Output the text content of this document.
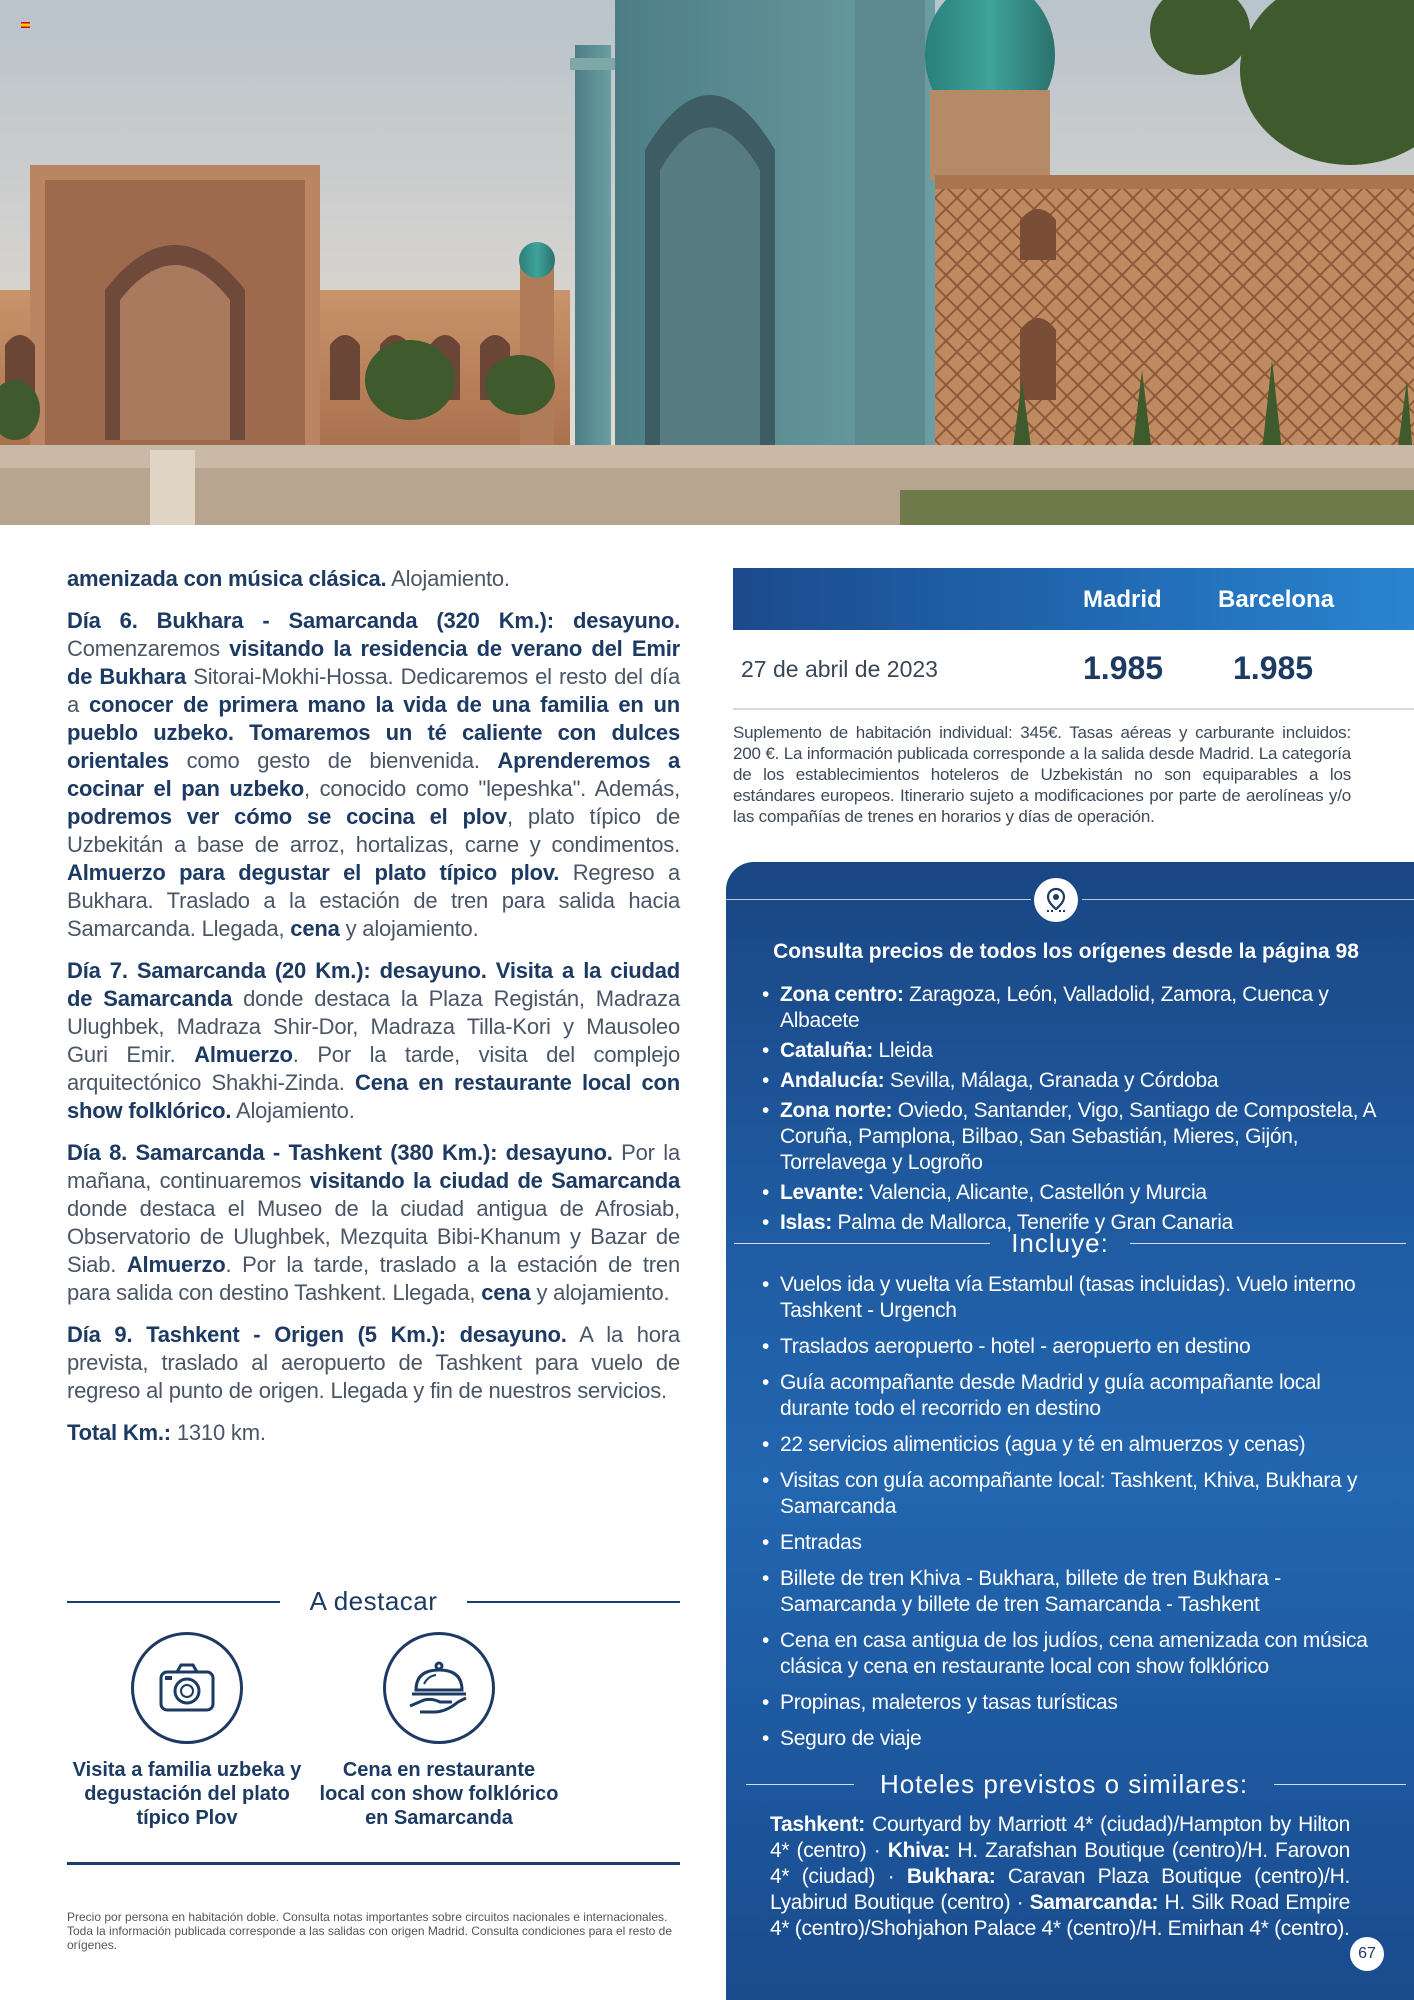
amenizada con música clásica. Alojamiento.

Día 6. Bukhara - Samarcanda (320 Km.): desayuno. Comenzaremos visitando la residencia de verano del Emir de Bukhara Sitorai-Mokhi-Hossa. Dedicaremos el resto del día a conocer de primera mano la vida de una familia en un pueblo uzbeko. Tomaremos un té caliente con dulces orientales como gesto de bienvenida. Aprenderemos a cocinar el pan uzbeko, conocido como "lepeshka". Además, podremos ver cómo se cocina el plov, plato típico de Uzbekitán a base de arroz, hortalizas, carne y condimentos. Almuerzo para degustar el plato típico plov. Regreso a Bukhara. Traslado a la estación de tren para salida hacia Samarcanda. Llegada, cena y alojamiento.

Día 7. Samarcanda (20 Km.): desayuno. Visita a la ciudad de Samarcanda donde destaca la Plaza Registán, Madraza Ulughbek, Madraza Shir-Dor, Madraza Tilla-Kori y Mausoleo Guri Emir. Almuerzo. Por la tarde, visita del complejo arquitectónico Shakhi-Zinda. Cena en restaurante local con show folklórico. Alojamiento.

Día 8. Samarcanda - Tashkent (380 Km.): desayuno. Por la mañana, continuaremos visitando la ciudad de Samarcanda donde destaca el Museo de la ciudad antigua de Afrosiab, Observatorio de Ulughbek, Mezquita Bibi-Khanum y Bazar de Siab. Almuerzo. Por la tarde, traslado a la estación de tren para salida con destino Tashkent. Llegada, cena y alojamiento.

Día 9. Tashkent - Origen (5 Km.): desayuno. A la hora prevista, traslado al aeropuerto de Tashkent para vuelo de regreso al punto de origen. Llegada y fin de nuestros servicios.

Total Km.: 1310 km.

A destacar
Visita a familia uzbeka y degustación del plato típico Plov
Cena en restaurante local con show folklórico en Samarcanda
Precio por persona en habitación doble. Consulta notas importantes sobre circuitos nacionales e internacionales. Toda la información publicada corresponde a las salidas con origen Madrid. Consulta condiciones para el resto de orígenes.
Madrid Barcelona
27 de abril de 2023	1.985 1.985
Suplemento de habitación individual: 345€. Tasas aéreas y carburante incluidos: 200 €. La información publicada corresponde a la salida desde Madrid. La categoría de los establecimientos hoteleros de Uzbekistán no son equiparables a los estándares europeos. Itinerario sujeto a modificaciones por parte de aerolíneas y/o las compañías de trenes en horarios y días de operación.
Consulta precios de todos los orígenes desde la página 98
• Zona centro: Zaragoza, León, Valladolid, Zamora, Cuenca y Albacete
• Cataluña: Lleida
• Andalucía: Sevilla, Málaga, Granada y Córdoba
• Zona norte: Oviedo, Santander, Vigo, Santiago de Compostela, A Coruña, Pamplona, Bilbao, San Sebastián, Mieres, Gijón, Torrelavega y Logroño
• Levante: Valencia, Alicante, Castellón y Murcia
• Islas: Palma de Mallorca, Tenerife y Gran Canaria
Incluye:
• Vuelos ida y vuelta vía Estambul (tasas incluidas). Vuelo interno Tashkent - Urgench
• Traslados aeropuerto - hotel - aeropuerto en destino
• Guía acompañante desde Madrid y guía acompañante local durante todo el recorrido en destino
• 22 servicios alimenticios (agua y té en almuerzos y cenas)
• Visitas con guía acompañante local: Tashkent, Khiva, Bukhara y Samarcanda
• Entradas
• Billete de tren Khiva - Bukhara, billete de tren Bukhara - Samarcanda y billete de tren Samarcanda - Tashkent
• Cena en casa antigua de los judíos, cena amenizada con música clásica y cena en restaurante local con show folklórico
• Propinas, maleteros y tasas turísticas
• Seguro de viaje
Hoteles previstos o similares:
Tashkent: Courtyard by Marriott 4* (ciudad)/Hampton by Hilton 4* (centro) · Khiva: H. Zarafshan Boutique (centro)/H. Farovon 4* (ciudad) · Bukhara: Caravan Plaza Boutique (centro)/H. Lyabirud Boutique (centro) · Samarcanda: H. Silk Road Empire 4* (centro)/Shohjahon Palace 4* (centro)/H. Emirhan 4* (centro).
67
